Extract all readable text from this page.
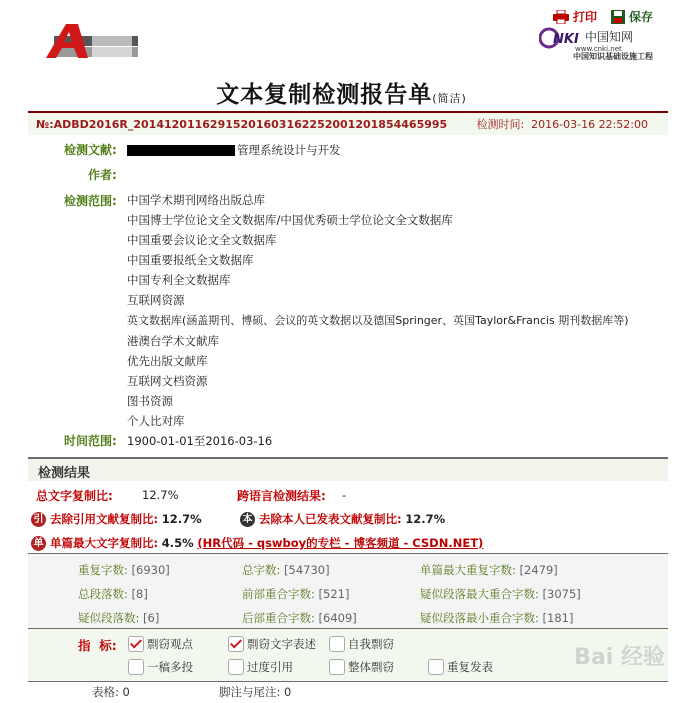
打印	保存
NKI 中国知网
www.cnki.net
中国知识基础设施工程
文本复制检测报告单(简洁)
№:ADBD2016R_20141201162915201603162252001201854465995	检测时间: 2016-03-16 22:52:00
检测文献:	管理系统设计与开发
作者:
检测范围: 中国学术期刊网络出版总库
中国博士学位论文全文数据库/中国优秀硕士学位论文全文数据库
中国重要会议论文全文数据库
中国重要报纸全文数据库
中国专利全文数据库
互联网资源
英文数据库(涵盖期刊、博硕、会议的英文数据以及德国Springer、英国Taylor&Francis 期刊数据库等)
港澳台学术文献库
优先出版文献库
互联网文档资源
图书资源
个人比对库
时间范围: 1900-01-01至2016-03-16
检测结果
总文字复制比:	12.7%	跨语言检测结果: -
引 去除引用文献复制比: 12.7%	本 去除本人已发表文献复制比: 12.7%
单 单篇最大文字复制比: 4.5% (HR代码 - qswboy的专栏 - 博客频道 - CSDN.NET)
重复字数: [6930]	总字数: [54730]	单篇最大重复字数: [2479]
总段落数: [8]	前部重合字数: [521]	疑似段落最大重合字数: [3075]
疑似段落数: [6]	后部重合字数: [6409]	疑似段落最小重合字数: [181]
指  标:	剽窃观点	剽窃文字表述	自我剽窃
一稿多投	过度引用	整体剽窃	重复发表
表格: 0	脚注与尾注: 0
Bai 经验
